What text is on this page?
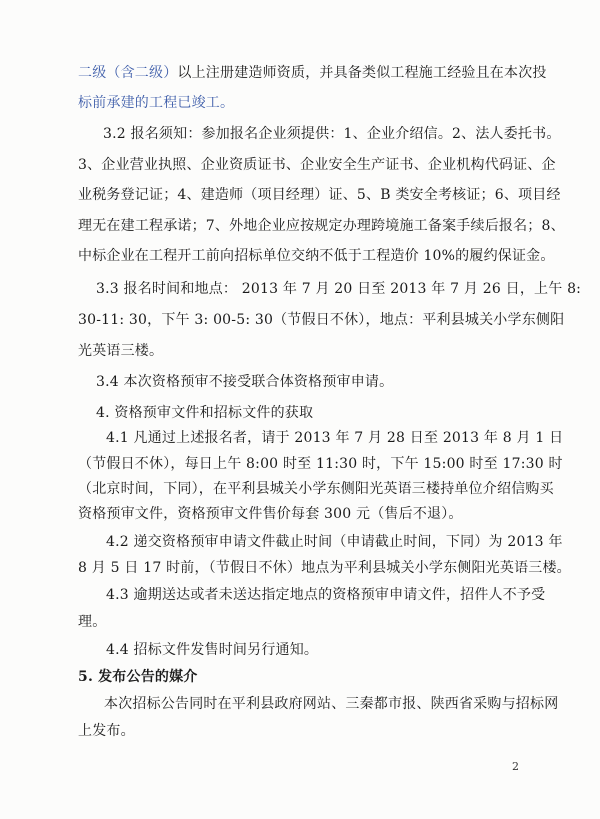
二级（含二级）以上注册建造师资质，并具备类似工程施工经验且在本次投
标前承建的工程已竣工。
3.2 报名须知：参加报名企业须提供：1、企业介绍信。2、法人委托书。
3、企业营业执照、企业资质证书、企业安全生产证书、企业机构代码证、企
业税务登记证；4、建造师（项目经理）证、5、B 类安全考核证；6、项目经
理无在建工程承诺；7、外地企业应按规定办理跨境施工备案手续后报名；8、
中标企业在工程开工前向招标单位交纳不低于工程造价 10%的履约保证金。
3.3 报名时间和地点： 2013 年 7 月 20 日至 2013 年 7 月 26 日，上午 8:
30-11: 30，下午 3: 00-5: 30（节假日不休），地点：平利县城关小学东侧阳
光英语三楼。
3.4 本次资格预审不接受联合体资格预审申请。
4. 资格预审文件和招标文件的获取
4.1 凡通过上述报名者，请于 2013 年 7 月 28 日至 2013 年 8 月 1 日
（节假日不休），每日上午 8:00 时至 11:30 时，下午 15:00 时至 17:30 时
（北京时间，下同），在平利县城关小学东侧阳光英语三楼持单位介绍信购买
资格预审文件，资格预审文件售价每套 300 元（售后不退）。
4.2 递交资格预审申请文件截止时间（申请截止时间，下同）为 2013 年
8 月 5 日 17 时前，（节假日不休）地点为平利县城关小学东侧阳光英语三楼。
4.3 逾期送达或者未送达指定地点的资格预审申请文件，招件人不予受
理。
4.4 招标文件发售时间另行通知。
5. 发布公告的媒介
本次招标公告同时在平利县政府网站、三秦都市报、陕西省采购与招标网
上发布。
2
